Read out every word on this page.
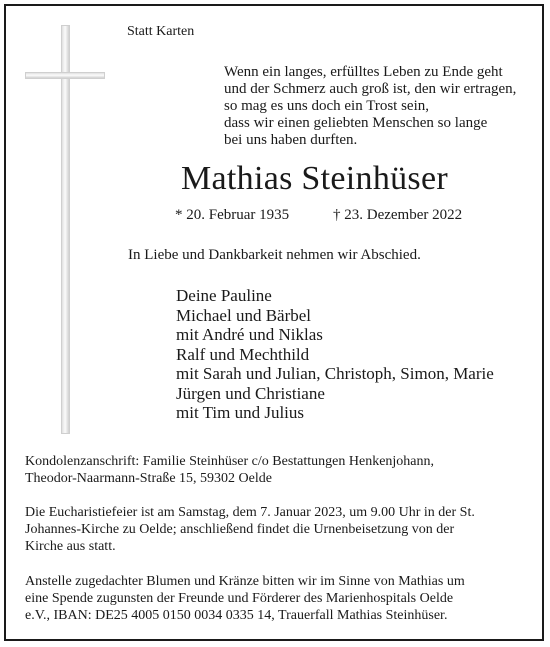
Statt Karten
Wenn ein langes, erfülltes Leben zu Ende geht
und der Schmerz auch groß ist, den wir ertragen,
so mag es uns doch ein Trost sein,
dass wir einen geliebten Menschen so lange
bei uns haben durften.
Mathias Steinhüser
* 20. Februar 1935	† 23. Dezember 2022
In Liebe und Dankbarkeit nehmen wir Abschied.
Deine Pauline
Michael und Bärbel
mit André und Niklas
Ralf und Mechthild
mit Sarah und Julian, Christoph, Simon, Marie
Jürgen und Christiane
mit Tim und Julius
Kondolenzanschrift: Familie Steinhüser c/o Bestattungen Henkenjohann,
Theodor-Naarmann-Straße 15, 59302 Oelde
Die Eucharistiefeier ist am Samstag, dem 7. Januar 2023, um 9.00 Uhr in der St.
Johannes-Kirche zu Oelde; anschließend findet die Urnenbeisetzung von der
Kirche aus statt.
Anstelle zugedachter Blumen und Kränze bitten wir im Sinne von Mathias um
eine Spende zugunsten der Freunde und Förderer des Marienhospitals Oelde
e.V., IBAN: DE25 4005 0150 0034 0335 14, Trauerfall Mathias Steinhüser.
